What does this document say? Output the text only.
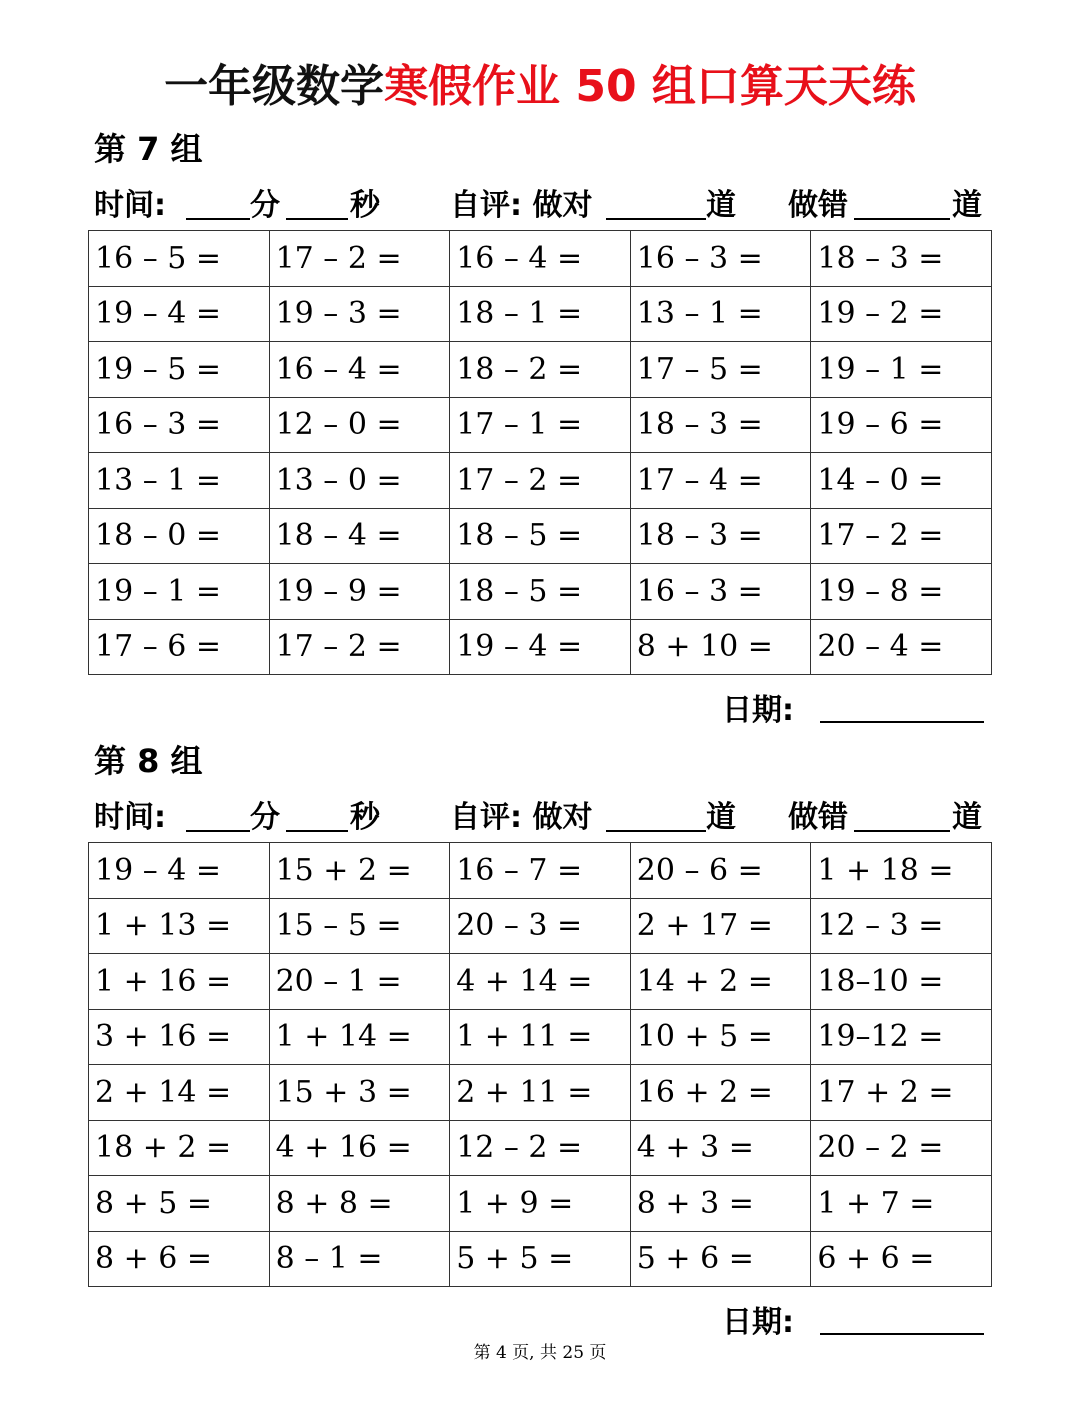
一年级数学寒假作业 50 组口算天天练
第 7 组
时间:	分 秒 自评: 做对	道 做错	道
16 – 5 =	17 – 2 =	16 – 4 =	16 – 3 =	18 – 3 =
19 – 4 =	19 – 3 =	18 – 1 =	13 – 1 =	19 – 2 =
19 – 5 =	16 – 4 =	18 – 2 =	17 – 5 =	19 – 1 =
16 – 3 =	12 – 0 =	17 – 1 =	18 – 3 =	19 – 6 =
13 – 1 =	13 – 0 =	17 – 2 =	17 – 4 =	14 – 0 =
18 – 0 =	18 – 4 =	18 – 5 =	18 – 3 =	17 – 2 =
19 – 1 =	19 – 9 =	18 – 5 =	16 – 3 =	19 – 8 =
17 – 6 =	17 – 2 =	19 – 4 =	8 + 10 =	20 – 4 =
日期:
第 8 组
时间:	分 秒 自评: 做对	道 做错	道
19 – 4 =	15 + 2 =	16 – 7 =	20 – 6 =	1 + 18 =
1 + 13 =	15 – 5 =	20 – 3 =	2 + 17 =	12 – 3 =
1 + 16 =	20 – 1 =	4 + 14 =	14 + 2 =	18–10 =
3 + 16 =	1 + 14 =	1 + 11 =	10 + 5 =	19–12 =
2 + 14 =	15 + 3 =	2 + 11 =	16 + 2 =	17 + 2 =
18 + 2 =	4 + 16 =	12 – 2 =	4 + 3 =	20 – 2 =
8 + 5 =	8 + 8 =	1 + 9 =	8 + 3 =	1 + 7 =
8 + 6 =	8 – 1 =	5 + 5 =	5 + 6 =	6 + 6 =
日期:
第 4 页, 共 25 页
